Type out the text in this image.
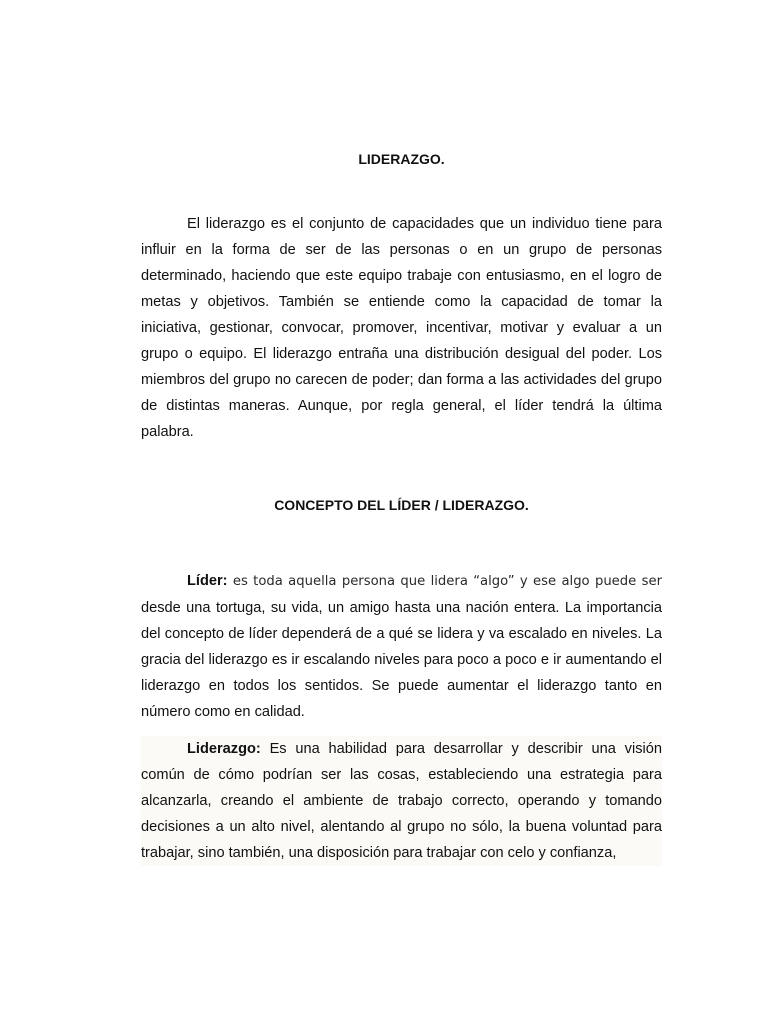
LIDERAZGO.

El liderazgo es el conjunto de capacidades que un individuo tiene para influir en la forma de ser de las personas o en un grupo de personas determinado, haciendo que este equipo trabaje con entusiasmo, en el logro de metas y objetivos. También se entiende como la capacidad de tomar la iniciativa, gestionar, convocar, promover, incentivar, motivar y evaluar a un grupo o equipo. El liderazgo entraña una distribución desigual del poder. Los miembros del grupo no carecen de poder; dan forma a las actividades del grupo de distintas maneras. Aunque, por regla general, el líder tendrá la última palabra.

CONCEPTO DEL LÍDER / LIDERAZGO.

Líder: es toda aquella persona que lidera “algo” y ese algo puede ser desde una tortuga, su vida, un amigo hasta una nación entera. La importancia del concepto de líder dependerá de a qué se lidera y va escalado en niveles. La gracia del liderazgo es ir escalando niveles para poco a poco e ir aumentando el liderazgo en todos los sentidos. Se puede aumentar el liderazgo tanto en número como en calidad.

Liderazgo: Es una habilidad para desarrollar y describir una visión común de cómo podrían ser las cosas, estableciendo una estrategia para alcanzarla, creando el ambiente de trabajo correcto, operando y tomando decisiones a un alto nivel, alentando al grupo no sólo, la buena voluntad para trabajar, sino también, una disposición para trabajar con celo y confianza,
